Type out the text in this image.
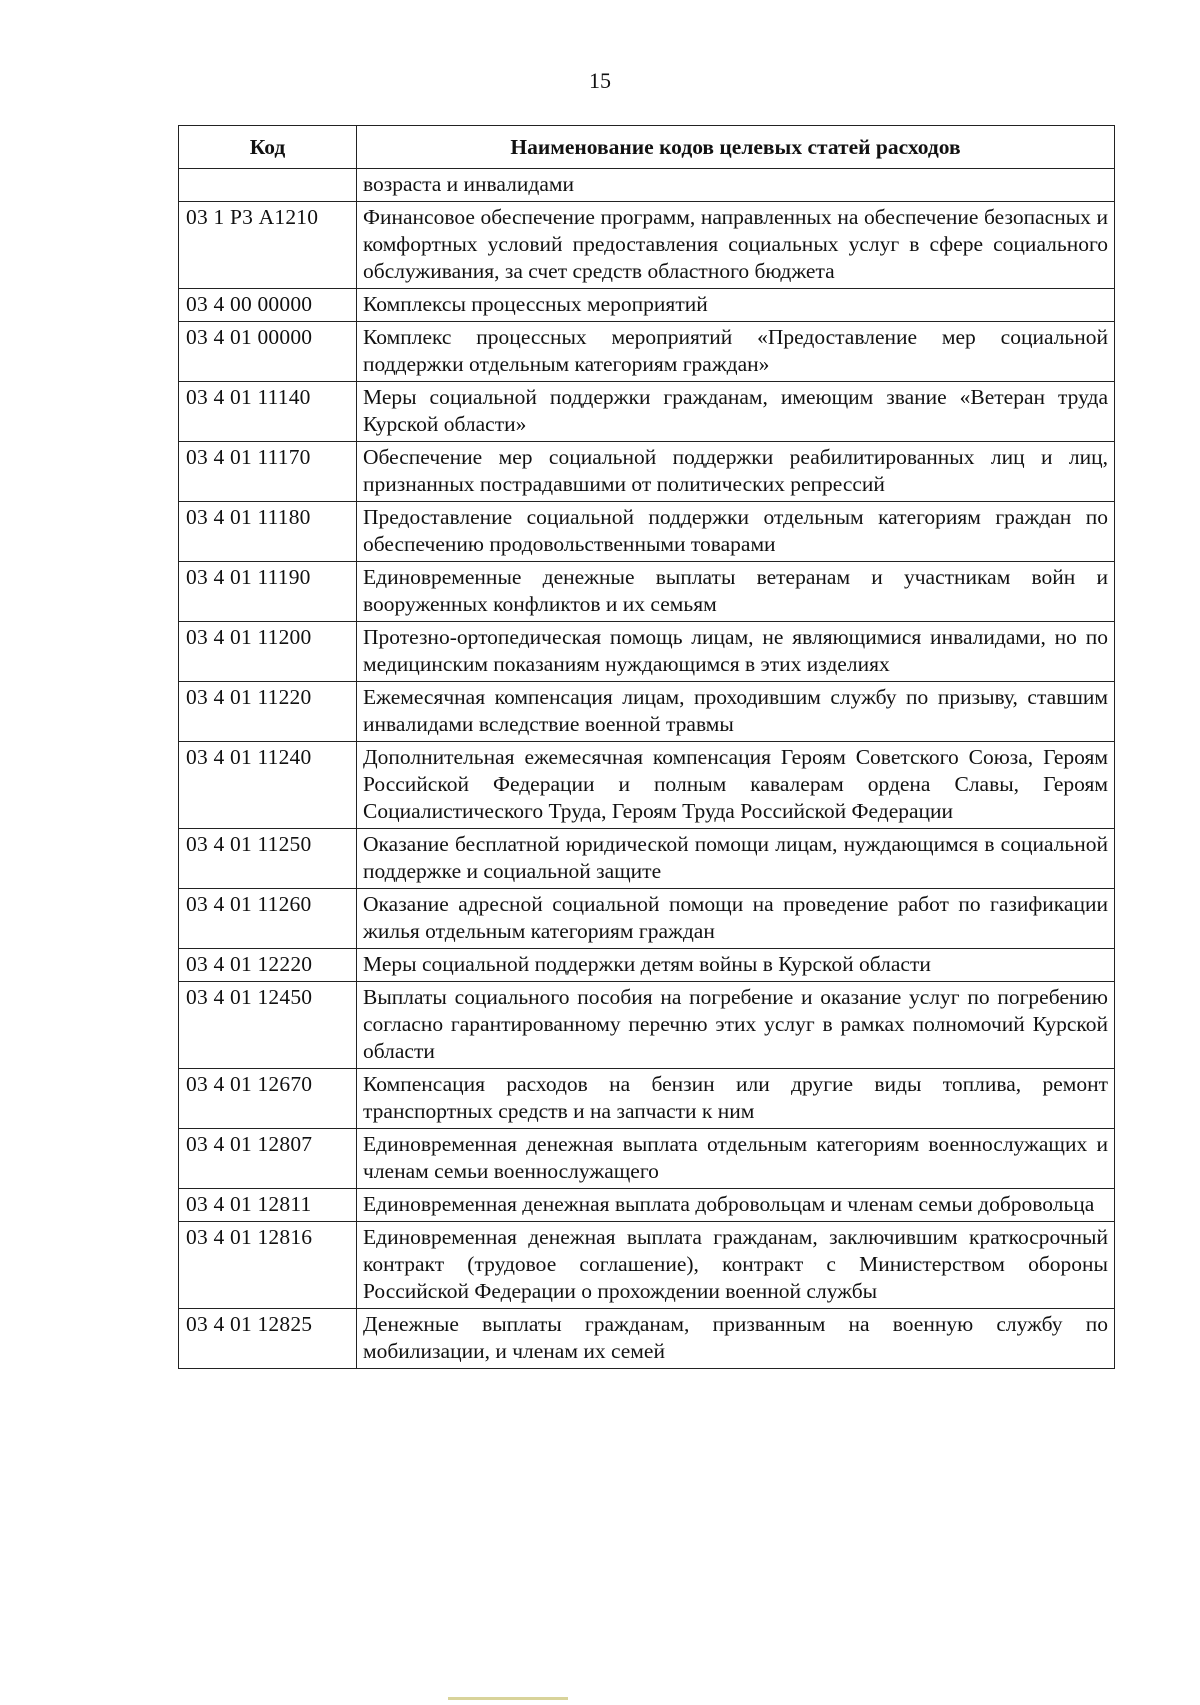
15
Код	Наименование кодов целевых статей расходов
	возраста и инвалидами
03 1 Р3 А1210	Финансовое обеспечение программ, направленных на обеспечение безопасных и комфортных условий предоставления социальных услуг в сфере социального обслуживания, за счет средств областного бюджета
03 4 00 00000	Комплексы процессных мероприятий
03 4 01 00000	Комплекс процессных мероприятий «Предоставление мер социальной поддержки отдельным категориям граждан»
03 4 01 11140	Меры социальной поддержки гражданам, имеющим звание «Ветеран труда Курской области»
03 4 01 11170	Обеспечение мер социальной поддержки реабилитированных лиц и лиц, признанных пострадавшими от политических репрессий
03 4 01 11180	Предоставление социальной поддержки отдельным категориям граждан по обеспечению продовольственными товарами
03 4 01 11190	Единовременные денежные выплаты ветеранам и участникам войн и вооруженных конфликтов и их семьям
03 4 01 11200	Протезно-ортопедическая помощь лицам, не являющимися инвалидами, но по медицинским показаниям нуждающимся в этих изделиях
03 4 01 11220	Ежемесячная компенсация лицам, проходившим службу по призыву, ставшим инвалидами вследствие военной травмы
03 4 01 11240	Дополнительная ежемесячная компенсация Героям Советского Союза, Героям Российской Федерации и полным кавалерам ордена Славы, Героям Социалистического Труда, Героям Труда Российской Федерации
03 4 01 11250	Оказание бесплатной юридической помощи лицам, нуждающимся в социальной поддержке и социальной защите
03 4 01 11260	Оказание адресной социальной помощи на проведение работ по газификации жилья отдельным категориям граждан
03 4 01 12220	Меры социальной поддержки детям войны в Курской области
03 4 01 12450	Выплаты социального пособия на погребение и оказание услуг по погребению согласно гарантированному перечню этих услуг в рамках полномочий Курской области
03 4 01 12670	Компенсация расходов на бензин или другие виды топлива, ремонт транспортных средств и на запчасти к ним
03 4 01 12807	Единовременная денежная выплата отдельным категориям военнослужащих и членам семьи военнослужащего
03 4 01 12811	Единовременная денежная выплата добровольцам и членам семьи добровольца
03 4 01 12816	Единовременная денежная выплата гражданам, заключившим краткосрочный контракт (трудовое соглашение), контракт с Министерством обороны Российской Федерации о прохождении военной службы
03 4 01 12825	Денежные выплаты гражданам, призванным на военную службу по мобилизации, и членам их семей
